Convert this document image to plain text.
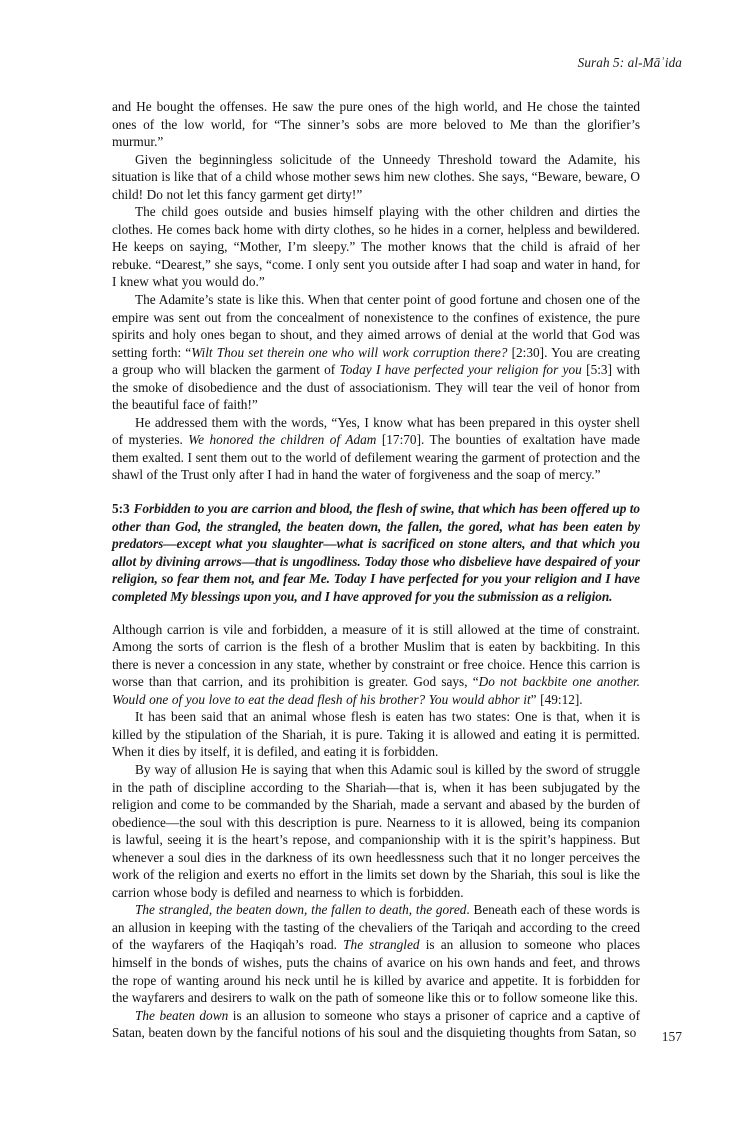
Surah 5: al-Māʾida

and He bought the offenses. He saw the pure ones of the high world, and He chose the tainted ones of the low world, for “The sinner’s sobs are more beloved to Me than the glorifier’s murmur.”

Given the beginningless solicitude of the Unneedy Threshold toward the Adamite, his situation is like that of a child whose mother sews him new clothes. She says, “Beware, beware, O child! Do not let this fancy garment get dirty!”

The child goes outside and busies himself playing with the other children and dirties the clothes. He comes back home with dirty clothes, so he hides in a corner, helpless and bewildered. He keeps on saying, “Mother, I’m sleepy.” The mother knows that the child is afraid of her rebuke. “Dearest,” she says, “come. I only sent you outside after I had soap and water in hand, for I knew what you would do.”

The Adamite’s state is like this. When that center point of good fortune and chosen one of the empire was sent out from the concealment of nonexistence to the confines of existence, the pure spirits and holy ones began to shout, and they aimed arrows of denial at the world that God was setting forth: “Wilt Thou set therein one who will work corruption there? [2:30]. You are creating a group who will blacken the garment of Today I have perfected your religion for you [5:3] with the smoke of disobedience and the dust of associationism. They will tear the veil of honor from the beautiful face of faith!”

He addressed them with the words, “Yes, I know what has been prepared in this oyster shell of mysteries. We honored the children of Adam [17:70]. The bounties of exaltation have made them exalted. I sent them out to the world of defilement wearing the garment of protection and the shawl of the Trust only after I had in hand the water of forgiveness and the soap of mercy.”

5:3 Forbidden to you are carrion and blood, the flesh of swine, that which has been offered up to other than God, the strangled, the beaten down, the fallen, the gored, what has been eaten by predators—except what you slaughter—what is sacrificed on stone alters, and that which you allot by divining arrows—that is ungodliness. Today those who disbelieve have despaired of your religion, so fear them not, and fear Me. Today I have perfected for you your religion and I have completed My blessings upon you, and I have approved for you the submission as a religion.

Although carrion is vile and forbidden, a measure of it is still allowed at the time of constraint. Among the sorts of carrion is the flesh of a brother Muslim that is eaten by backbiting. In this there is never a concession in any state, whether by constraint or free choice. Hence this carrion is worse than that carrion, and its prohibition is greater. God says, “Do not backbite one another. Would one of you love to eat the dead flesh of his brother? You would abhor it” [49:12].

It has been said that an animal whose flesh is eaten has two states: One is that, when it is killed by the stipulation of the Shariah, it is pure. Taking it is allowed and eating it is permitted. When it dies by itself, it is defiled, and eating it is forbidden.

By way of allusion He is saying that when this Adamic soul is killed by the sword of struggle in the path of discipline according to the Shariah—that is, when it has been subjugated by the religion and come to be commanded by the Shariah, made a servant and abased by the burden of obedience—the soul with this description is pure. Nearness to it is allowed, being its companion is lawful, seeing it is the heart’s repose, and companionship with it is the spirit’s happiness. But whenever a soul dies in the darkness of its own heedlessness such that it no longer perceives the work of the religion and exerts no effort in the limits set down by the Shariah, this soul is like the carrion whose body is defiled and nearness to which is forbidden.

The strangled, the beaten down, the fallen to death, the gored. Beneath each of these words is an allusion in keeping with the tasting of the chevaliers of the Tariqah and according to the creed of the wayfarers of the Haqiqah’s road. The strangled is an allusion to someone who places himself in the bonds of wishes, puts the chains of avarice on his own hands and feet, and throws the rope of wanting around his neck until he is killed by avarice and appetite. It is forbidden for the wayfarers and desirers to walk on the path of someone like this or to follow someone like this.

The beaten down is an allusion to someone who stays a prisoner of caprice and a captive of Satan, beaten down by the fanciful notions of his soul and the disquieting thoughts from Satan, so 157
